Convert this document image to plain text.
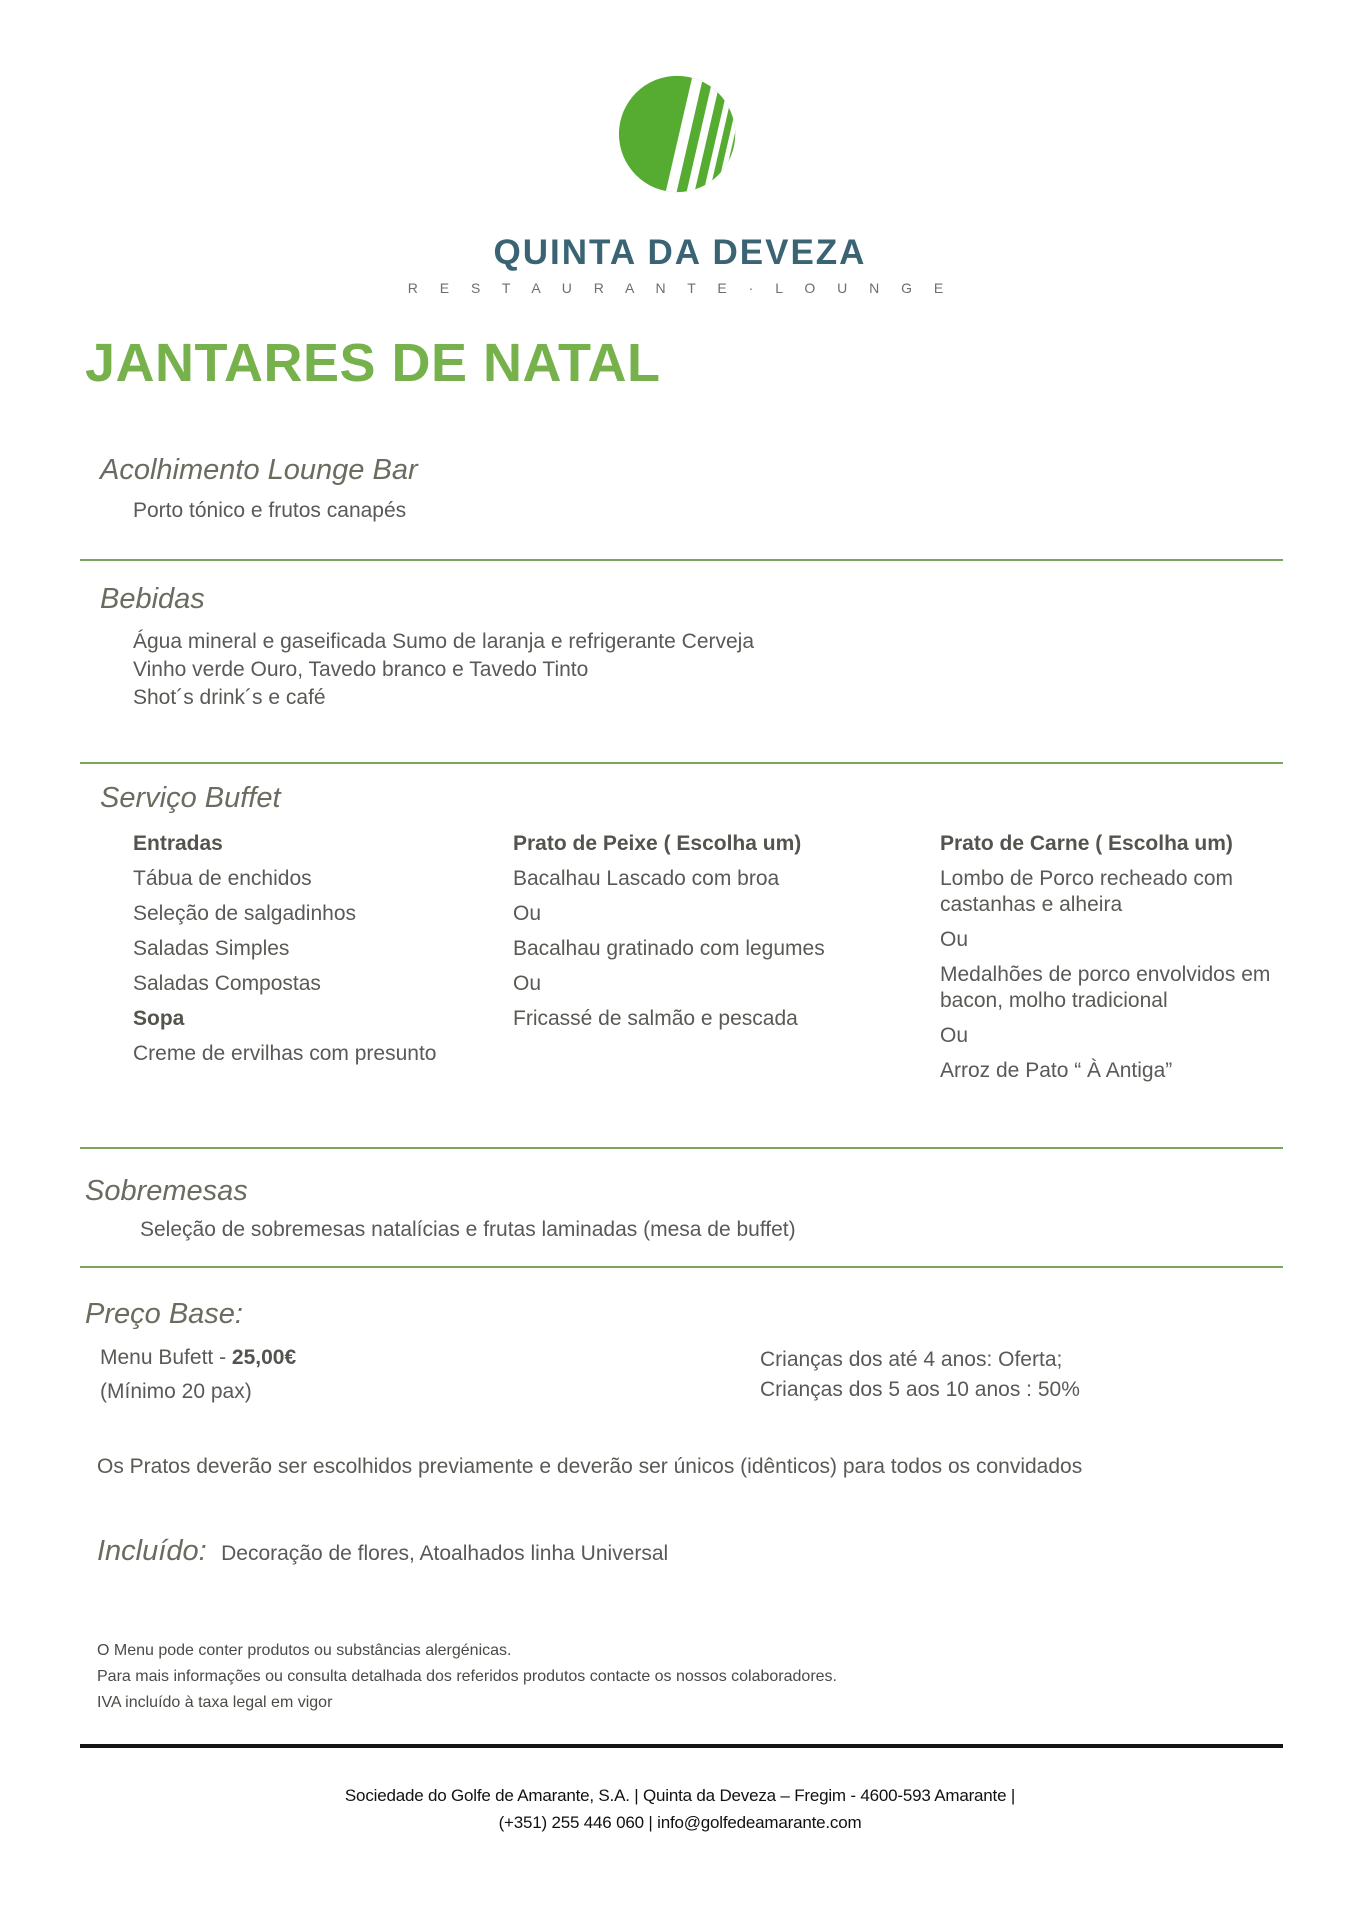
QUINTA DA DEVEZA
R E S T A U R A N T E · L O U N G E
JANTARES DE NATAL
Acolhimento Lounge Bar
Porto tónico e frutos canapés
Bebidas
Água mineral e gaseificada Sumo de laranja e refrigerante Cerveja
Vinho verde Ouro, Tavedo branco e Tavedo Tinto
Shot´s drink´s e café
Serviço Buffet
Entradas
Tábua de enchidos
Seleção de salgadinhos
Saladas Simples
Saladas Compostas
Sopa
Creme de ervilhas com presunto
Prato de Peixe ( Escolha um)
Bacalhau Lascado com broa
Ou
Bacalhau gratinado com legumes
Ou
Fricassé de salmão e pescada
Prato de Carne ( Escolha um)
Lombo de Porco recheado com castanhas e alheira
Ou
Medalhões de porco envolvidos em bacon, molho tradicional
Ou
Arroz de Pato “ À Antiga”
Sobremesas
Seleção de sobremesas natalícias e frutas laminadas (mesa de buffet)
Preço Base:
Menu Bufett - 25,00€
(Mínimo 20 pax)
Crianças dos até 4 anos: Oferta;
Crianças dos 5 aos 10 anos : 50%
Os Pratos deverão ser escolhidos previamente e deverão ser únicos (idênticos) para todos os convidados
Incluído: Decoração de flores, Atoalhados linha Universal
O Menu pode conter produtos ou substâncias alergénicas.
Para mais informações ou consulta detalhada dos referidos produtos contacte os nossos colaboradores.
IVA incluído à taxa legal em vigor
Sociedade do Golfe de Amarante, S.A. | Quinta da Deveza – Fregim - 4600-593 Amarante |
(+351) 255 446 060 | info@golfedeamarante.com
